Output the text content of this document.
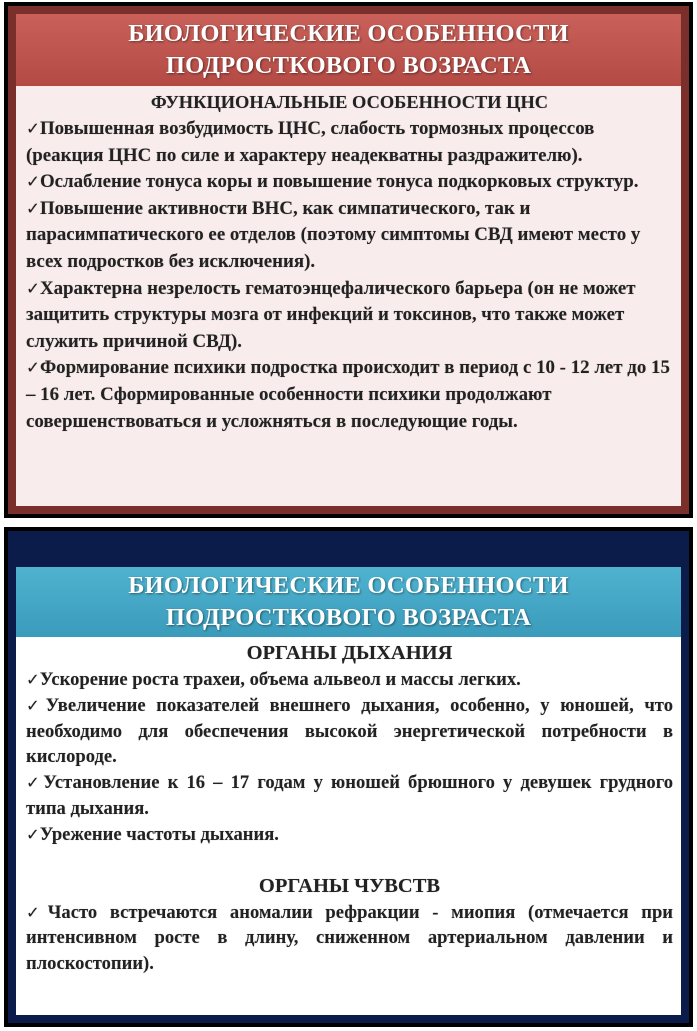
БИОЛОГИЧЕСКИЕ ОСОБЕННОСТИ
ПОДРОСТКОВОГО ВОЗРАСТА

ФУНКЦИОНАЛЬНЫЕ ОСОБЕННОСТИ ЦНС

✓Повышенная возбудимость ЦНС, слабость тормозных процессов (реакция ЦНС по силе и характеру неадекватны раздражителю).

✓Ослабление тонуса коры и повышение тонуса подкорковых структур.

✓Повышение активности ВНС, как симпатического, так и парасимпатического ее отделов (поэтому симптомы СВД имеют место у всех подростков без исключения).

✓Характерна незрелость гематоэнцефалического барьера (он не может защитить структуры мозга от инфекций и токсинов, что также может служить причиной СВД).

✓Формирование психики подростка происходит в период с 10 - 12 лет до 15 – 16 лет. Сформированные особенности психики продолжают совершенствоваться и усложняться в последующие годы.

БИОЛОГИЧЕСКИЕ ОСОБЕННОСТИ
ПОДРОСТКОВОГО ВОЗРАСТА

ОРГАНЫ ДЫХАНИЯ

✓Ускорение роста трахеи, объема альвеол и массы легких.

✓Увеличение показателей внешнего дыхания, особенно, у юношей, что необходимо для обеспечения высокой энергетической потребности в кислороде.

✓Установление к 16 – 17 годам у юношей брюшного у девушек грудного типа дыхания.

✓Урежение частоты дыхания.

ОРГАНЫ ЧУВСТВ

✓Часто встречаются аномалии рефракции - миопия (отмечается при интенсивном росте в длину, сниженном артериальном давлении и плоскостопии).
